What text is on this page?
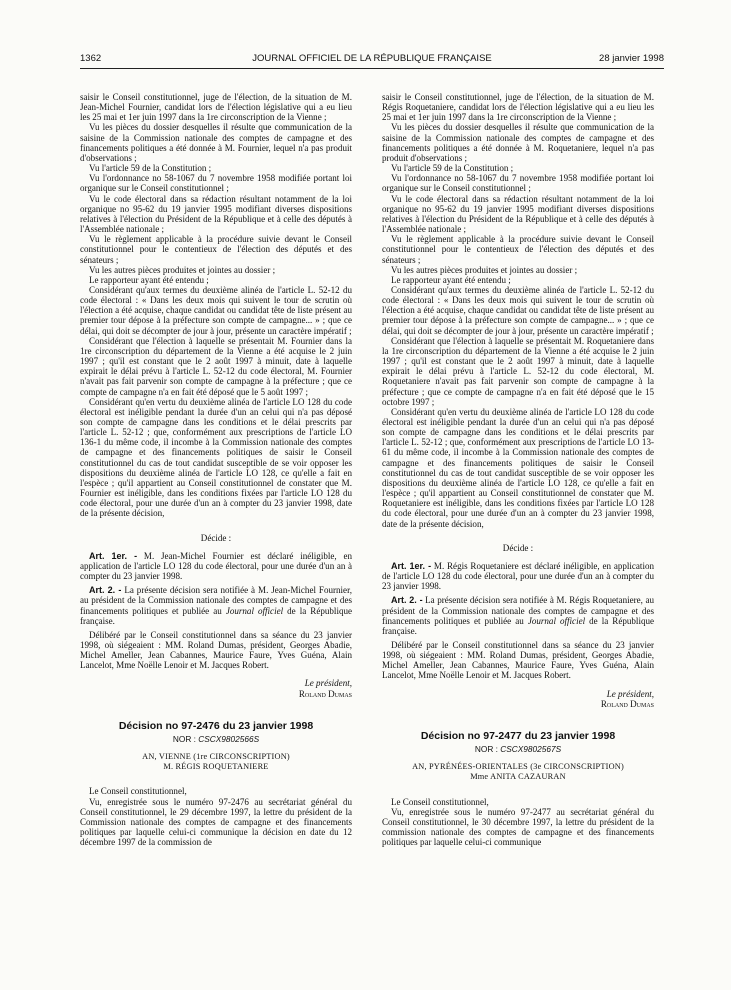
1362	JOURNAL OFFICIEL DE LA RÉPUBLIQUE FRANÇAISE	28 janvier 1998

saisir le Conseil constitutionnel, juge de l'élection, de la situation de M. Jean-Michel Fournier, candidat lors de l'élection législative qui a eu lieu les 25 mai et 1er juin 1997 dans la 1re circonscription de la Vienne ;

Vu les pièces du dossier desquelles il résulte que communication de la saisine de la Commission nationale des comptes de campagne et des financements politiques a été donnée à M. Fournier, lequel n'a pas produit d'observations ;

Vu l'article 59 de la Constitution ;

Vu l'ordonnance no 58-1067 du 7 novembre 1958 modifiée portant loi organique sur le Conseil constitutionnel ;

Vu le code électoral dans sa rédaction résultant notamment de la loi organique no 95-62 du 19 janvier 1995 modifiant diverses dispositions relatives à l'élection du Président de la République et à celle des députés à l'Assemblée nationale ;

Vu le règlement applicable à la procédure suivie devant le Conseil constitutionnel pour le contentieux de l'élection des députés et des sénateurs ;

Vu les autres pièces produites et jointes au dossier ;

Le rapporteur ayant été entendu ;

Considérant qu'aux termes du deuxième alinéa de l'article L. 52-12 du code électoral : « Dans les deux mois qui suivent le tour de scrutin où l'élection a été acquise, chaque candidat ou candidat tête de liste présent au premier tour dépose à la préfecture son compte de campagne... » ; que ce délai, qui doit se décompter de jour à jour, présente un caractère impératif ;

Considérant que l'élection à laquelle se présentait M. Fournier dans la 1re circonscription du département de la Vienne a été acquise le 2 juin 1997 ; qu'il est constant que le 2 août 1997 à minuit, date à laquelle expirait le délai prévu à l'article L. 52-12 du code électoral, M. Fournier n'avait pas fait parvenir son compte de campagne à la préfecture ; que ce compte de campagne n'a en fait été déposé que le 5 août 1997 ;

Considérant qu'en vertu du deuxième alinéa de l'article LO 128 du code électoral est inéligible pendant la durée d'un an celui qui n'a pas déposé son compte de campagne dans les conditions et le délai prescrits par l'article L. 52-12 ; que, conformément aux prescriptions de l'article LO 136-1 du même code, il incombe à la Commission nationale des comptes de campagne et des financements politiques de saisir le Conseil constitutionnel du cas de tout candidat susceptible de se voir opposer les dispositions du deuxième alinéa de l'article LO 128, ce qu'elle a fait en l'espèce ; qu'il appartient au Conseil constitutionnel de constater que M. Fournier est inéligible, dans les conditions fixées par l'article LO 128 du code électoral, pour une durée d'un an à compter du 23 janvier 1998, date de la présente décision,

Décide :

Art. 1er. - M. Jean-Michel Fournier est déclaré inéligible, en application de l'article LO 128 du code électoral, pour une durée d'un an à compter du 23 janvier 1998.

Art. 2. - La présente décision sera notifiée à M. Jean-Michel Fournier, au président de la Commission nationale des comptes de campagne et des financements politiques et publiée au Journal officiel de la République française.

Délibéré par le Conseil constitutionnel dans sa séance du 23 janvier 1998, où siégeaient : MM. Roland Dumas, président, Georges Abadie, Michel Ameller, Jean Cabannes, Maurice Faure, Yves Guéna, Alain Lancelot, Mme Noëlle Lenoir et M. Jacques Robert.

Le président,
Roland Dumas

Décision no 97-2476 du 23 janvier 1998

NOR : CSCX9802566S

AN, VIENNE (1re CIRCONSCRIPTION)

M. RÉGIS ROQUETANIERE

Le Conseil constitutionnel,

Vu, enregistrée sous le numéro 97-2476 au secrétariat général du Conseil constitutionnel, le 29 décembre 1997, la lettre du président de la Commission nationale des comptes de campagne et des financements politiques par laquelle celui-ci communique la décision en date du 12 décembre 1997 de la commission de

saisir le Conseil constitutionnel, juge de l'élection, de la situation de M. Régis Roquetaniere, candidat lors de l'élection législative qui a eu lieu les 25 mai et 1er juin 1997 dans la 1re circonscription de la Vienne ;

Vu les pièces du dossier desquelles il résulte que communication de la saisine de la Commission nationale des comptes de campagne et des financements politiques a été donnée à M. Roquetaniere, lequel n'a pas produit d'observations ;

Vu l'article 59 de la Constitution ;

Vu l'ordonnance no 58-1067 du 7 novembre 1958 modifiée portant loi organique sur le Conseil constitutionnel ;

Vu le code électoral dans sa rédaction résultant notamment de la loi organique no 95-62 du 19 janvier 1995 modifiant diverses dispositions relatives à l'élection du Président de la République et à celle des députés à l'Assemblée nationale ;

Vu le règlement applicable à la procédure suivie devant le Conseil constitutionnel pour le contentieux de l'élection des députés et des sénateurs ;

Vu les autres pièces produites et jointes au dossier ;

Le rapporteur ayant été entendu ;

Considérant qu'aux termes du deuxième alinéa de l'article L. 52-12 du code électoral : « Dans les deux mois qui suivent le tour de scrutin où l'élection a été acquise, chaque candidat ou candidat tête de liste présent au premier tour dépose à la préfecture son compte de campagne... » ; que ce délai, qui doit se décompter de jour à jour, présente un caractère impératif ;

Considérant que l'élection à laquelle se présentait M. Roquetaniere dans la 1re circonscription du département de la Vienne a été acquise le 2 juin 1997 ; qu'il est constant que le 2 août 1997 à minuit, date à laquelle expirait le délai prévu à l'article L. 52-12 du code électoral, M. Roquetaniere n'avait pas fait parvenir son compte de campagne à la préfecture ; que ce compte de campagne n'a en fait été déposé que le 15 octobre 1997 ;

Considérant qu'en vertu du deuxième alinéa de l'article LO 128 du code électoral est inéligible pendant la durée d'un an celui qui n'a pas déposé son compte de campagne dans les conditions et le délai prescrits par l'article L. 52-12 ; que, conformément aux prescriptions de l'article LO 13-61 du même code, il incombe à la Commission nationale des comptes de campagne et des financements politiques de saisir le Conseil constitutionnel du cas de tout candidat susceptible de se voir opposer les dispositions du deuxième alinéa de l'article LO 128, ce qu'elle a fait en l'espèce ; qu'il appartient au Conseil constitutionnel de constater que M. Roquetaniere est inéligible, dans les conditions fixées par l'article LO 128 du code électoral, pour une durée d'un an à compter du 23 janvier 1998, date de la présente décision,

Décide :

Art. 1er. - M. Régis Roquetaniere est déclaré inéligible, en application de l'article LO 128 du code électoral, pour une durée d'un an à compter du 23 janvier 1998.

Art. 2. - La présente décision sera notifiée à M. Régis Roquetaniere, au président de la Commission nationale des comptes de campagne et des financements politiques et publiée au Journal officiel de la République française.

Délibéré par le Conseil constitutionnel dans sa séance du 23 janvier 1998, où siégeaient : MM. Roland Dumas, président, Georges Abadie, Michel Ameller, Jean Cabannes, Maurice Faure, Yves Guéna, Alain Lancelot, Mme Noëlle Lenoir et M. Jacques Robert.

Le président,
Roland Dumas

Décision no 97-2477 du 23 janvier 1998

NOR : CSCX9802567S

AN, PYRÉNÉES-ORIENTALES (3e CIRCONSCRIPTION)

Mme ANITA CAZAURAN

Le Conseil constitutionnel,

Vu, enregistrée sous le numéro 97-2477 au secrétariat général du Conseil constitutionnel, le 30 décembre 1997, la lettre du président de la commission nationale des comptes de campagne et des financements politiques par laquelle celui-ci communique
